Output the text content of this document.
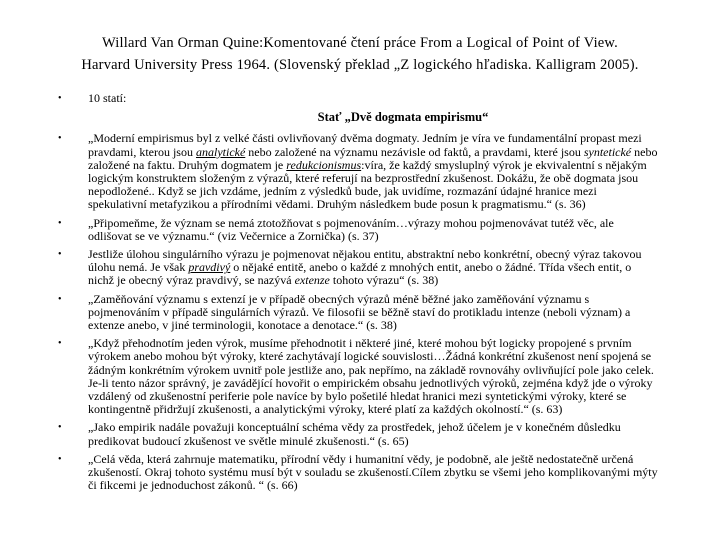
Willard Van Orman Quine:Komentované čtení práce From a Logical of Point of View.
Harvard University Press 1964. (Slovenský překlad „Z logického hľadiska. Kalligram 2005).
• 10 statí:
Stať „Dvě dogmata empirismu“
• „Moderní empirismus byl z velké části ovlivňovaný dvěma dogmaty. Jedním je víra ve fundamentální propast mezi pravdami, kterou jsou analytické nebo založené na významu nezávisle od faktů, a pravdami, které jsou syntetické nebo založené na faktu. Druhým dogmatem je redukcionismus:víra, že každý smysluplný výrok je ekvivalentní s nějakým logickým konstruktem složeným z výrazů, které referují na bezprostřední zkušenost. Dokážu, že obě dogmata jsou nepodložené.. Když se jich vzdáme, jedním z výsledků bude, jak uvidíme, rozmazání údajné hranice mezi spekulativní metafyzikou a přírodními vědami. Druhým následkem bude posun k pragmatismu.“ (s. 36)
• „Připomeňme, že význam se nemá ztotožňovat s pojmenováním…výrazy mohou pojmenovávat tutéž věc, ale odlišovat se ve významu.“ (viz Večernice a Zornička) (s. 37)
• Jestliže úlohou singulárního výrazu je pojmenovat nějakou entitu, abstraktní nebo konkrétní, obecný výraz takovou úlohu nemá. Je však pravdivý o nějaké entitě, anebo o každé z mnohých entit, anebo o žádné. Třída všech entit, o nichž je obecný výraz pravdivý, se nazývá extenze tohoto výrazu“ (s. 38)
• „Zaměňování významu s extenzí je v případě obecných výrazů méně běžné jako zaměňování významu s pojmenováním v případě singulárních výrazů. Ve filosofii se běžně staví do protikladu intenze (neboli význam) a extenze anebo, v jiné terminologii, konotace a denotace.“ (s. 38)
• „Když přehodnotím jeden výrok, musíme přehodnotit i některé jiné, které mohou být logicky propojené s prvním výrokem anebo mohou být výroky, které zachytávají logické souvislosti…Žádná konkrétní zkušenost není spojená se žádným konkrétním výrokem uvnitř pole jestliže ano, pak nepřímo, na základě rovnováhy ovlivňující pole jako celek. Je-li tento názor správný, je zavádějící hovořit o empirickém obsahu jednotlivých výroků, zejména když jde o výroky vzdálený od zkušenostní periferie pole navíce by bylo pošetilé hledat hranici mezi syntetickými výroky, které se kontingentně přidržují zkušenosti, a analytickými výroky, které platí za každých okolností.“ (s. 63)
• „Jako empirik nadále považuji konceptuální schéma vědy za prostředek, jehož účelem je v konečném důsledku predikovat budoucí zkušenost ve světle minulé zkušenosti.“ (s. 65)
• „Celá věda, která zahrnuje matematiku, přírodní vědy i humanitní vědy, je podobně, ale ještě nedostatečně určená zkušeností. Okraj tohoto systému musí být v souladu se zkušeností.Cílem zbytku se všemi jeho komplikovanými mýty či fikcemi je jednoduchost zákonů. “ (s. 66)
